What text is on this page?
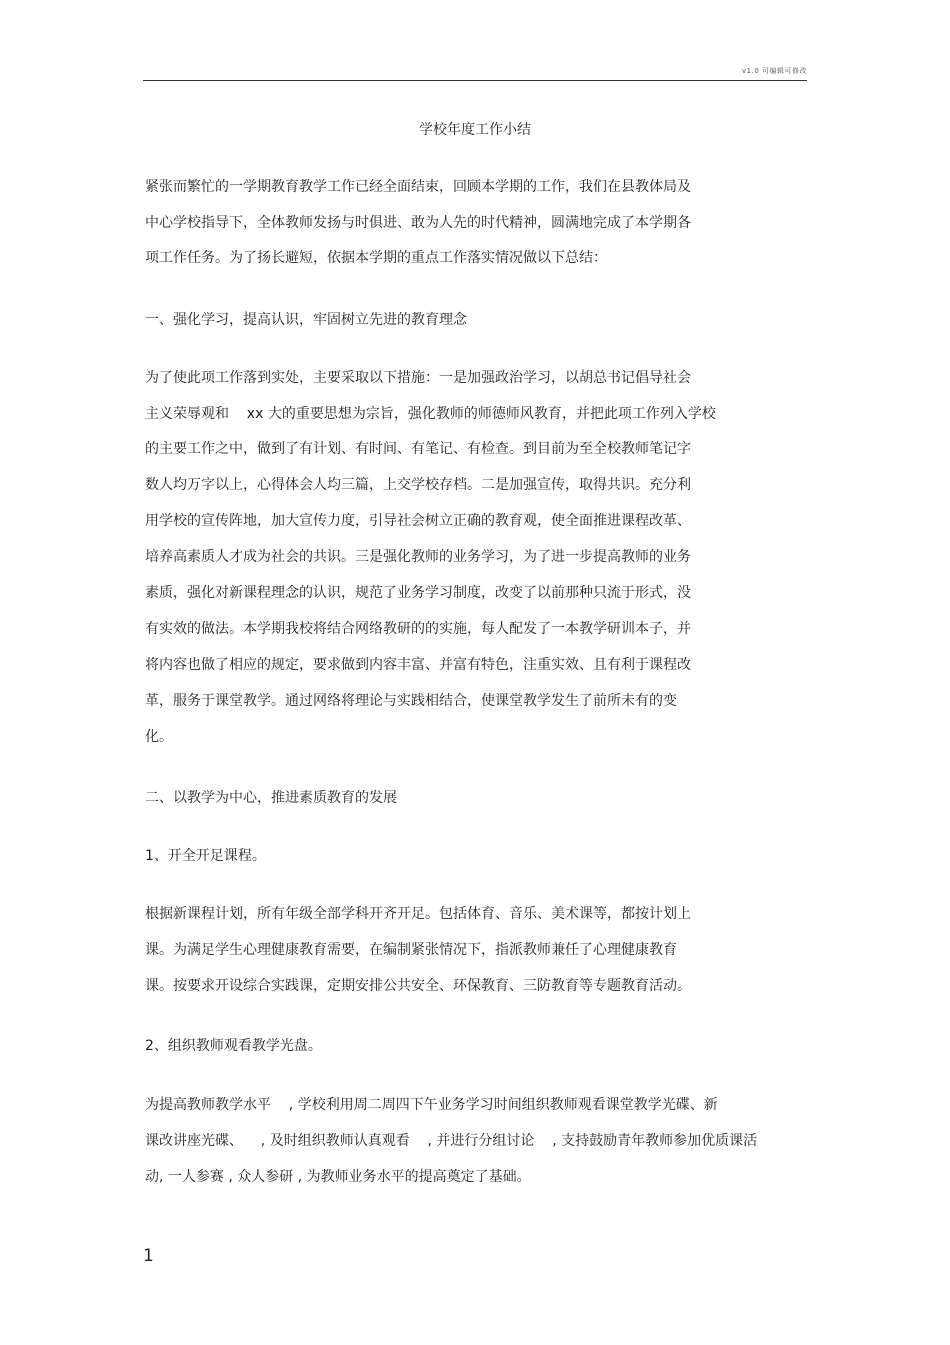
v1.0 可编辑可修改
学校年度工作小结
紧张而繁忙的一学期教育教学工作已经全面结束，回顾本学期的工作，我们在县教体局及
中心学校指导下，全体教师发扬与时俱进、敢为人先的时代精神，圆满地完成了本学期各
项工作任务。为了扬长避短，依据本学期的重点工作落实情况做以下总结：
一、强化学习，提高认识，牢固树立先进的教育理念
为了使此项工作落到实处，主要采取以下措施：一是加强政治学习，以胡总书记倡导社会
主义荣辱观和    xx 大的重要思想为宗旨，强化教师的师德师风教育，并把此项工作列入学校
的主要工作之中，做到了有计划、有时间、有笔记、有检查。到目前为至全校教师笔记字
数人均万字以上，心得体会人均三篇，上交学校存档。二是加强宣传，取得共识。充分利
用学校的宣传阵地，加大宣传力度，引导社会树立正确的教育观，使全面推进课程改革、
培养高素质人才成为社会的共识。三是强化教师的业务学习，为了进一步提高教师的业务
素质，强化对新课程理念的认识，规范了业务学习制度，改变了以前那种只流于形式，没
有实效的做法。本学期我校将结合网络教研的的实施，每人配发了一本教学研训本子，并
将内容也做了相应的规定，要求做到内容丰富、并富有特色，注重实效、且有利于课程改
革，服务于课堂教学。通过网络将理论与实践相结合，使课堂教学发生了前所未有的变
化。
二、以教学为中心，推进素质教育的发展
1、开全开足课程。
根据新课程计划，所有年级全部学科开齐开足。包括体育、音乐、美术课等，都按计划上
课。为满足学生心理健康教育需要，在编制紧张情况下，指派教师兼任了心理健康教育
课。按要求开设综合实践课，定期安排公共安全、环保教育、三防教育等专题教育活动。
2、组织教师观看教学光盘。
为提高教师教学水平    , 学校利用周二周四下午业务学习时间组织教师观看课堂教学光碟、新
课改讲座光碟、    , 及时组织教师认真观看    , 并进行分组讨论    , 支持鼓励青年教师参加优质课活
动, 一人参赛 , 众人参研 , 为教师业务水平的提高奠定了基础。
1
